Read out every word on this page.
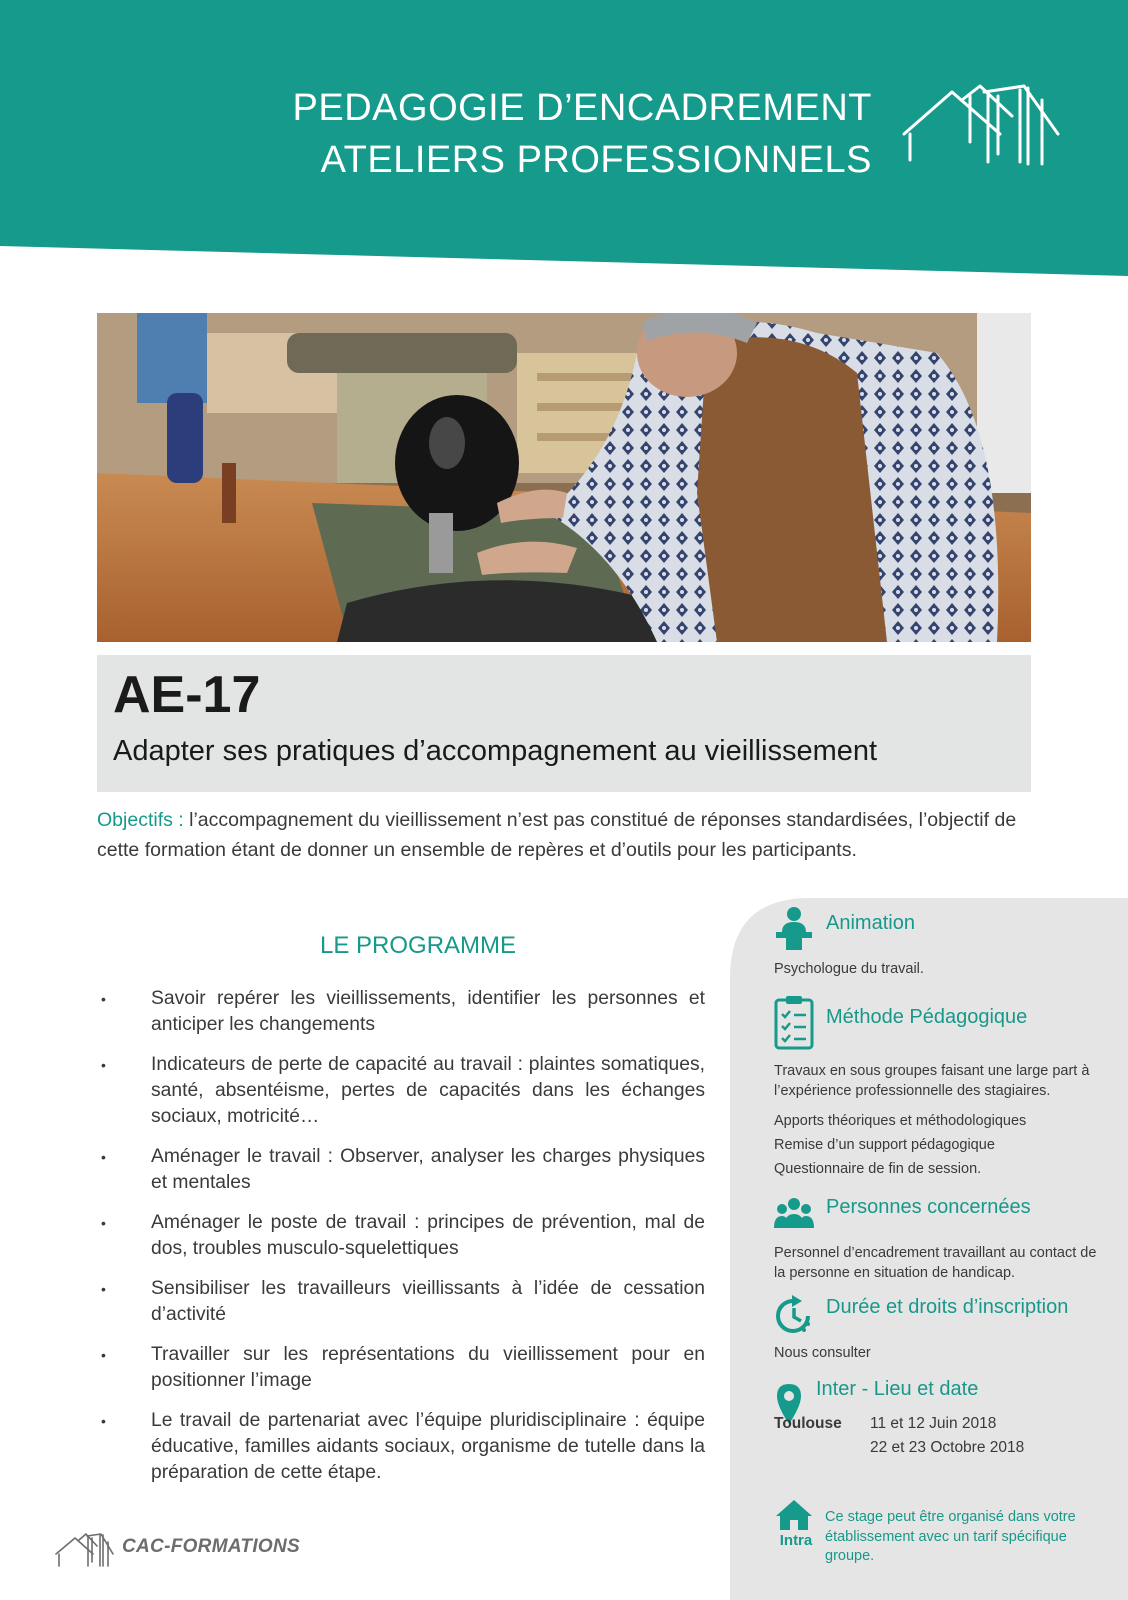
PEDAGOGIE D’ENCADREMENT
ATELIERS PROFESSIONNELS
AE-17
Adapter ses pratiques d’accompagnement au vieillissement
Objectifs : l’accompagnement du vieillissement n’est pas constitué de réponses standardisées, l’objectif de cette formation étant de donner un ensemble de repères et d’outils pour les participants.
LE PROGRAMME
• Savoir repérer les vieillissements, identifier les personnes et anticiper les changements
• Indicateurs de perte de capacité au travail : plaintes somatiques, santé, absentéisme, pertes de capacités dans les échanges sociaux, motricité…
• Aménager le travail : Observer, analyser les charges physiques et mentales
• Aménager le poste de travail : principes de prévention, mal de dos, troubles musculo-squelettiques
• Sensibiliser les travailleurs vieillissants à l’idée de cessation d’activité
• Travailler sur les représentations du vieillissement pour en positionner l’image
• Le travail de partenariat avec l’équipe pluridisciplinaire : équipe éducative, familles aidants sociaux, organisme de tutelle dans la préparation de cette étape.
Animation
Psychologue du travail.
Méthode Pédagogique
Travaux en sous groupes faisant une large part à l’expérience professionnelle des stagiaires.
Apports théoriques et méthodologiques
Remise d’un support pédagogique
Questionnaire de fin de session.
Personnes concernées
Personnel d’encadrement travaillant au contact de la personne en situation de handicap.
Durée et droits d’inscription
Nous consulter
Inter - Lieu et date
Toulouse 11 et 12 Juin 2018
22 et 23 Octobre 2018
Intra
Ce stage peut être organisé dans votre établissement avec un tarif spécifique groupe.
CAC-FORMATIONS
